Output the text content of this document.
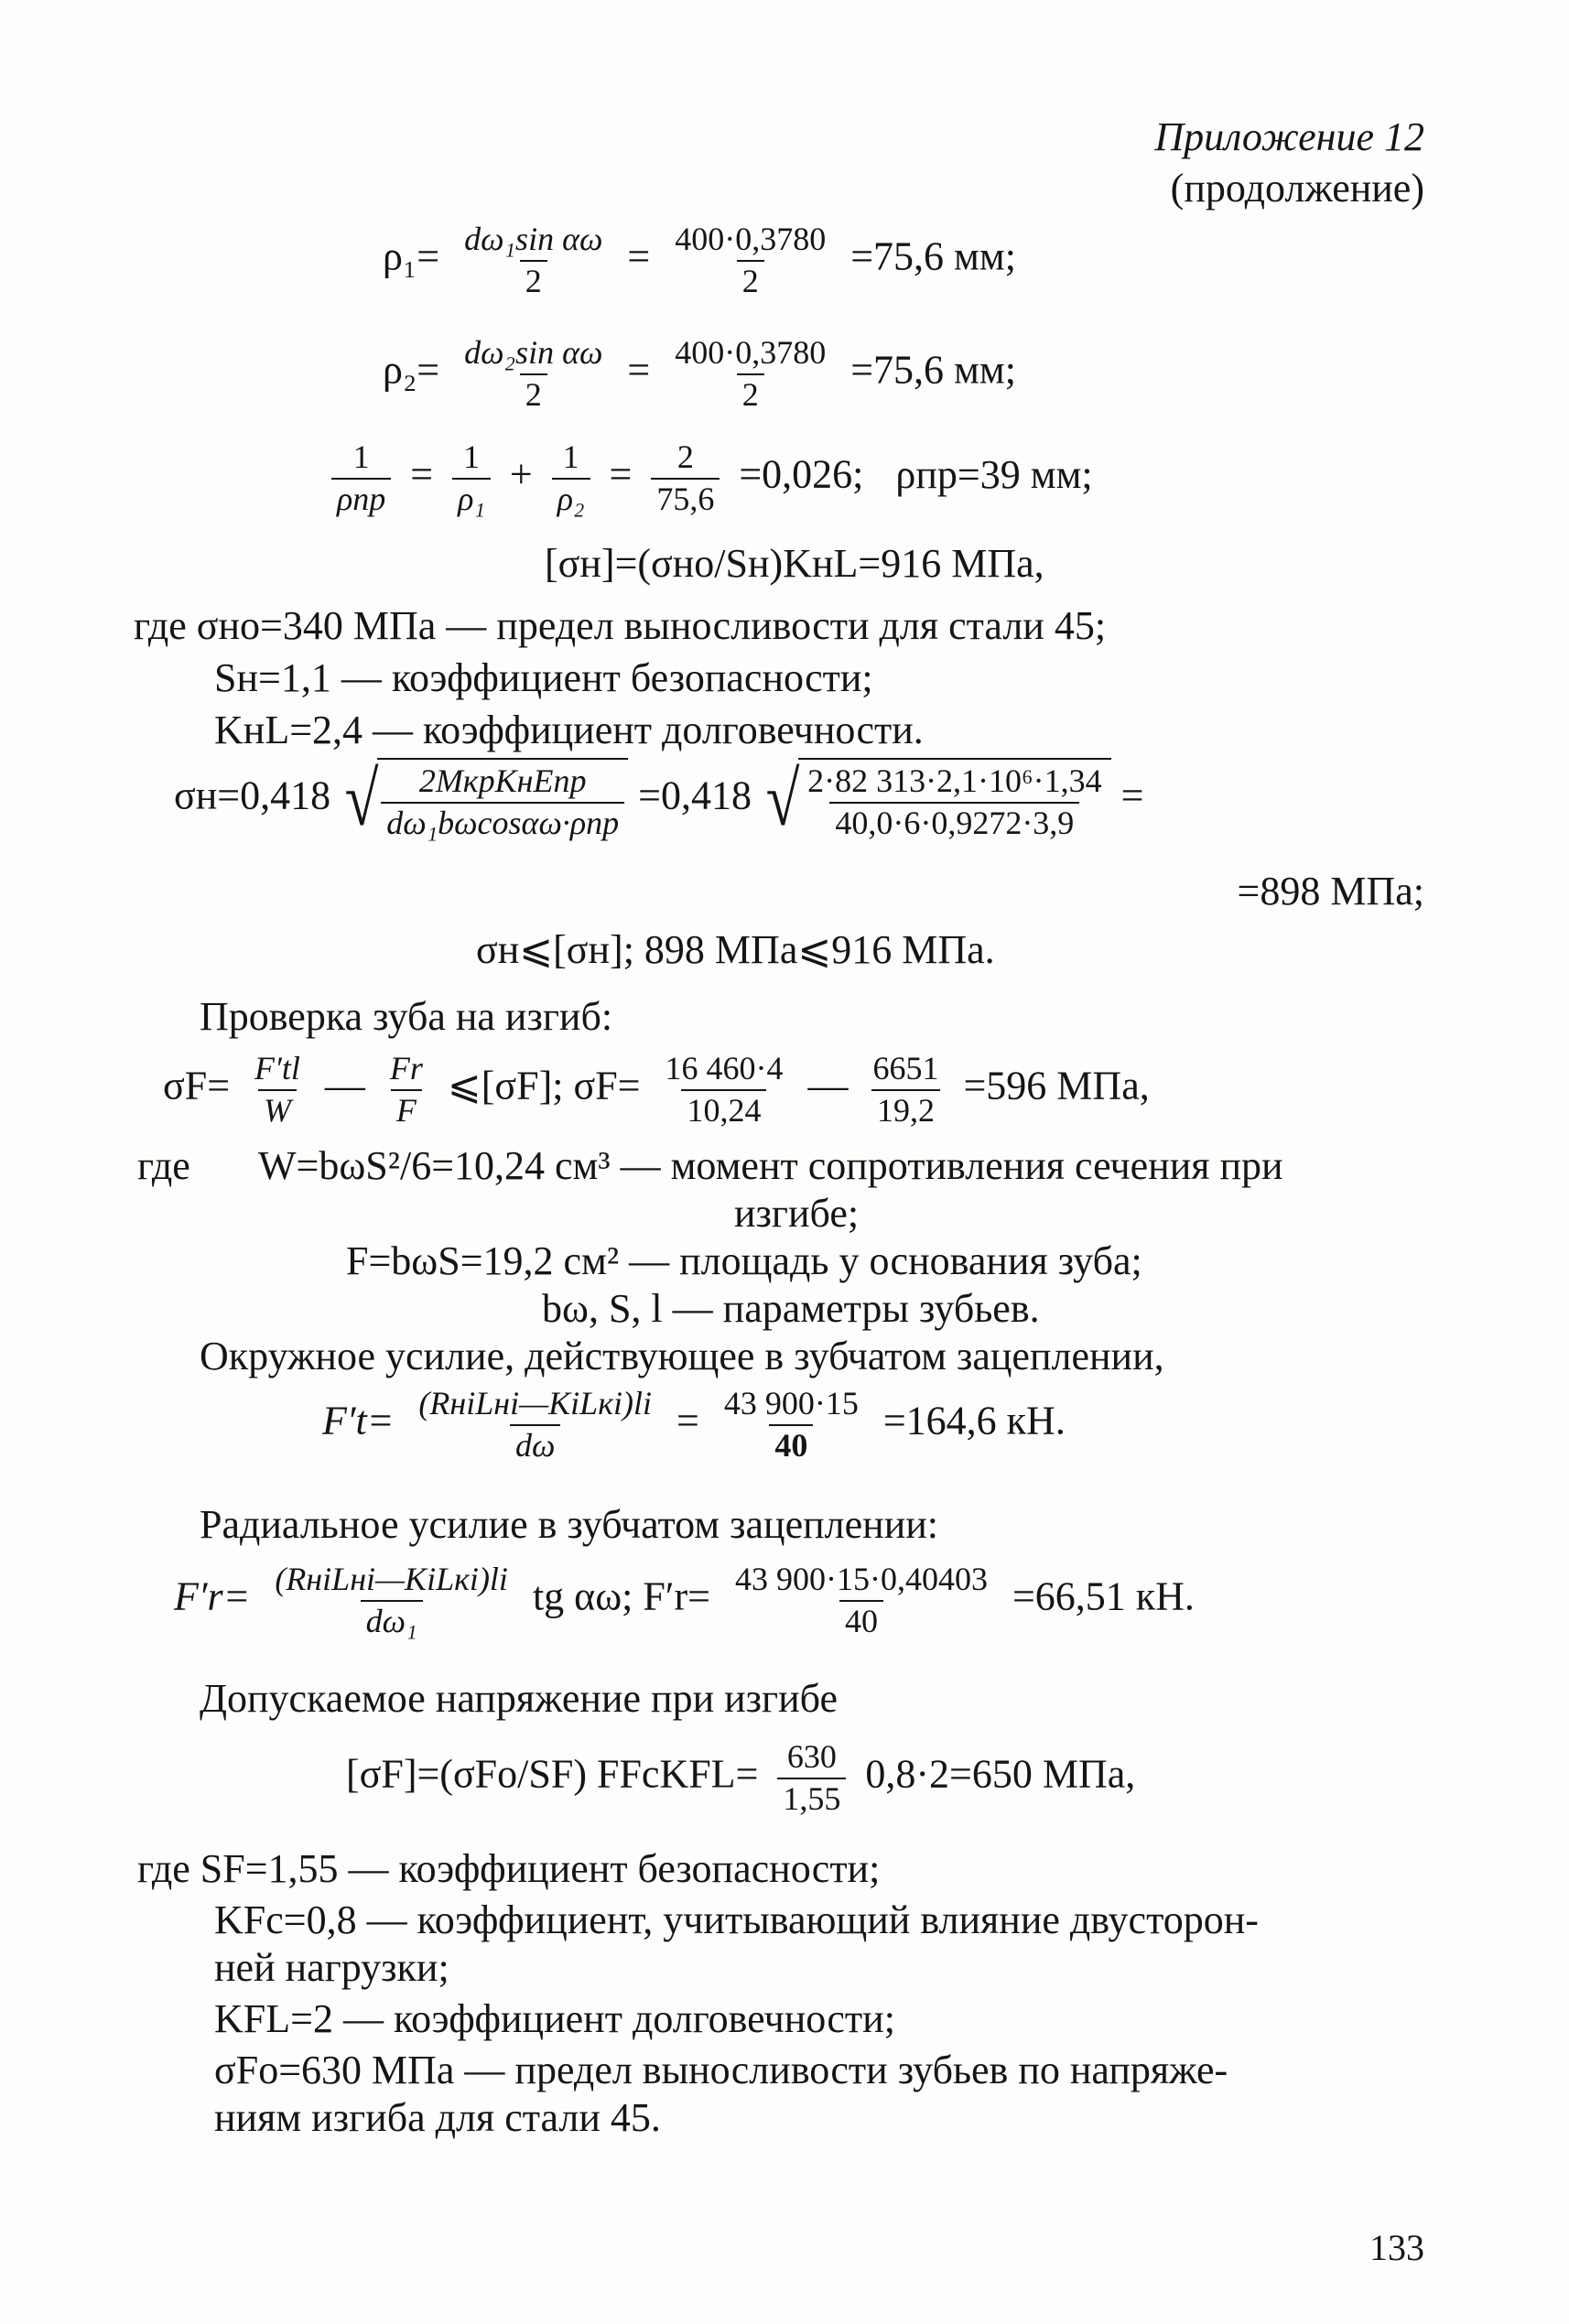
Приложение 12
(продолжение)
$\rho_1= \frac{\text{dω₁sin αω}}{2} = \frac{400\cdot 0,3780}{2} =75,6$ мм;
$\rho_2= \frac{\text{dω₂sin αω}}{2} = \frac{400\cdot 0,3780}{2} =75,6$ мм;
$\frac{1}{\text{ρпр}} = \frac{1}{\text{ρ₁}} + \frac{1}{\text{ρ₂}} = \frac{2}{75,6} =0,026$; ρпр=39 мм;
[σн]=(σно/Sн)KнL=916 МПа,
где σно=340 МПа — предел выносливости для стали 45;
Sн=1,1 — коэффициент безопасности;
KнL=2,4 — коэффициент долговечности.
σн=0,418 √ $\frac{\text{2MкрKнEпр}}{\text{dω₁bωcosαω·ρпр}} =0,418$ √ $\frac{\text{2·82 313·2,1·10⁶·1,34}}{40,0\cdot 6\cdot 0,9272\cdot 3,9}$ =
=898 МПа;
σн⩽[σн]; 898 МПа⩽916 МПа.
Проверка зуба на изгиб:
$\sigma F= \frac{F'tl}{W}$ — $\frac{Fr}{F}$ ⩽[σF]; $\sigma F= \frac{16 460\cdot 4}{10,24}$ — $\frac{6651}{19,2} =596$ МПа,
где W=bωS²/6=10,24 см³ — момент сопротивления сечения при
изгибе;
F=bωS=19,2 см² — площадь у основания зуба;
bω, S, l — параметры зубьев.
Окружное усилие, действующее в зубчатом зацеплении,
$F't= \frac{\text{(RнiLнi—KiLкi)li}}{d\omega} = \frac{43 900\cdot 15}{40} =164,6$ кН.
Радиальное усилие в зубчатом зацеплении:
$F'r= \frac{\text{(RнiLнi—KiLкi)li}}{\text{dω₁}}$ tg αω; $F'r= \frac{43 900\cdot 15\cdot 0,40403}{40} =66,51$ кН.
Допускаемое напряжение при изгибе
[σF]=(σFo/SF) FFcKFL= $\frac{630}{1,55} 0,8\cdot 2=650$ МПа,
где SF=1,55 — коэффициент безопасности;
KFc=0,8 — коэффициент, учитывающий влияние двусторон-
ней нагрузки;
KFL=2 — коэффициент долговечности;
σFo=630 МПа — предел выносливости зубьев по напряже-
ниям изгиба для стали 45.
133
